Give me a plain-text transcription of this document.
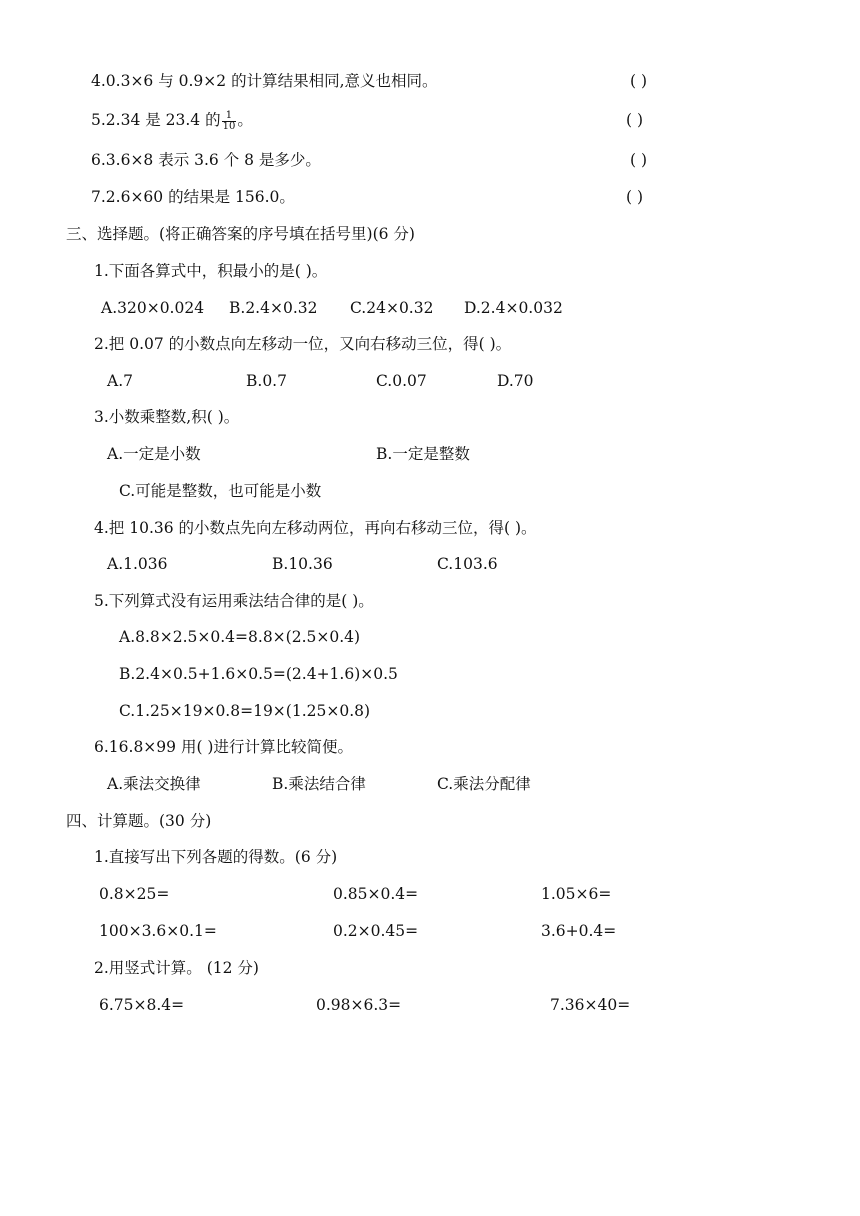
4.0.3×6 与 0.9×2 的计算结果相同,意义也相同。	( )
5.2.34 是 23.4 的 $\frac{1}{10}$ 。	( )
6.3.6×8 表示 3.6 个 8 是多少。	( )
7.2.6×60 的结果是 156.0。	( )
三、选择题。(将正确答案的序号填在括号里)(6 分)
1.下面各算式中，积最小的是( )。
A.320×0.024 B.2.4×0.32 C.24×0.32 D.2.4×0.032
2.把 0.07 的小数点向左移动一位，又向右移动三位，得( )。
A.7	B.0.7	C.0.07	D.70
3.小数乘整数,积( )。
A.一定是小数	B.一定是整数
C.可能是整数，也可能是小数
4.把 10.36 的小数点先向左移动两位，再向右移动三位，得( )。
A.1.036	B.10.36	C.103.6
5.下列算式没有运用乘法结合律的是( )。
A.8.8×2.5×0.4=8.8×(2.5×0.4)
B.2.4×0.5+1.6×0.5=(2.4+1.6)×0.5
C.1.25×19×0.8=19×(1.25×0.8)
6.16.8×99 用( )进行计算比较简便。
A.乘法交换律	B.乘法结合律	C.乘法分配律
四、计算题。(30 分)
1.直接写出下列各题的得数。(6 分)
0.8×25=	0.85×0.4=	1.05×6=
100×3.6×0.1=	0.2×0.45=	3.6+0.4=
2.用竖式计算。 (12 分)
6.75×8.4=	0.98×6.3=	7.36×40=
